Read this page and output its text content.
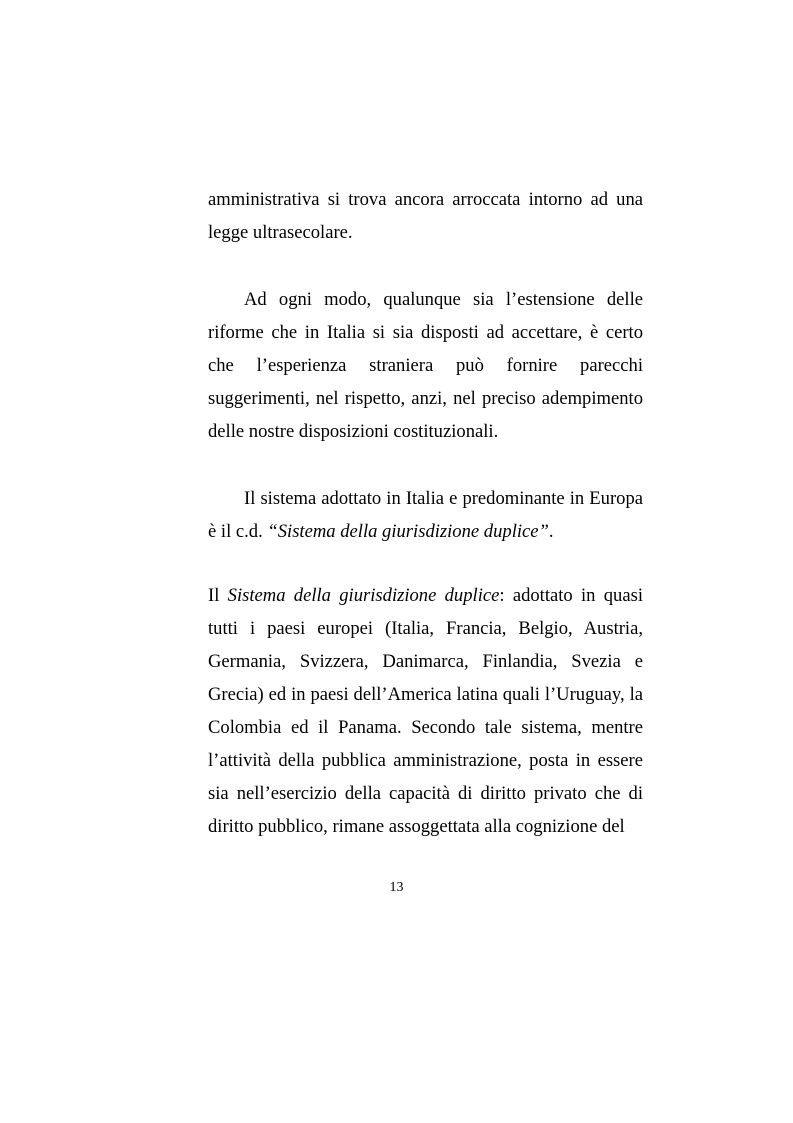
amministrativa si trova ancora arroccata intorno ad una legge ultrasecolare.

Ad ogni modo, qualunque sia l’estensione delle riforme che in Italia si sia disposti ad accettare, è certo che l’esperienza straniera può fornire parecchi suggerimenti, nel rispetto, anzi, nel preciso adempimento delle nostre disposizioni costituzionali.

Il sistema adottato in Italia e predominante in Europa è il c.d. “Sistema della giurisdizione duplice”.

Il Sistema della giurisdizione duplice: adottato in quasi tutti i paesi europei (Italia, Francia, Belgio, Austria, Germania, Svizzera, Danimarca, Finlandia, Svezia e Grecia) ed in paesi dell’America latina quali l’Uruguay, la Colombia ed il Panama. Secondo tale sistema, mentre l’attività della pubblica amministrazione, posta in essere sia nell’esercizio della capacità di diritto privato che di diritto pubblico, rimane assoggettata alla cognizione del

13
